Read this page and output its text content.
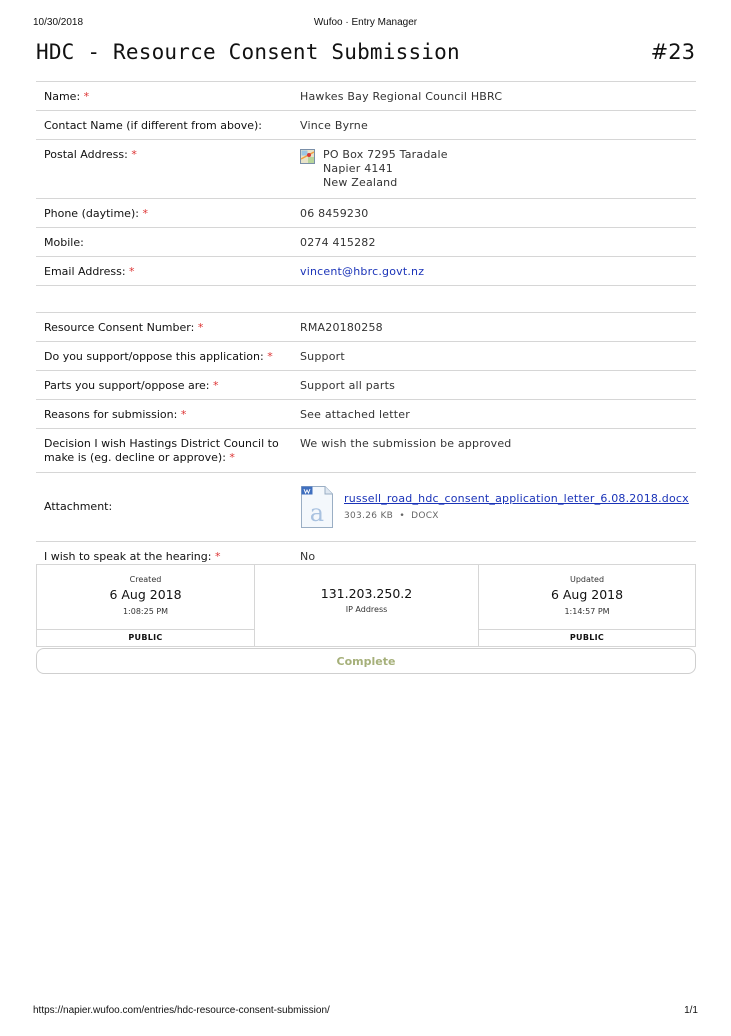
10/30/2018	Wufoo · Entry Manager
HDC - Resource Consent Submission	#23
Name: *	Hawkes Bay Regional Council HBRC
Contact Name (if different from above):	Vince Byrne
Postal Address: *	PO Box 7295 Taradale
Napier 4141
New Zealand
Phone (daytime): *	06 8459230
Mobile:	0274 415282
Email Address: *	vincent@hbrc.govt.nz
Resource Consent Number: *	RMA20180258
Do you support/oppose this application: *	Support
Parts you support/oppose are: *	Support all parts
Reasons for submission: *	See attached letter
Decision I wish Hastings District Council to
make is (eg. decline or approve): *
We wish the submission be approved
Attachment:	a
russell_road_hdc_consent_application_letter_6.08.2018.docx
303.26 KB • DOCX
I wish to speak at the hearing: *	No
Created
6 Aug 2018
1:08:25 PM
PUBLIC
131.203.250.2
IP Address
Updated
6 Aug 2018
1:14:57 PM
PUBLIC
Complete
https://napier.wufoo.com/entries/hdc-resource-consent-submission/	1/1
